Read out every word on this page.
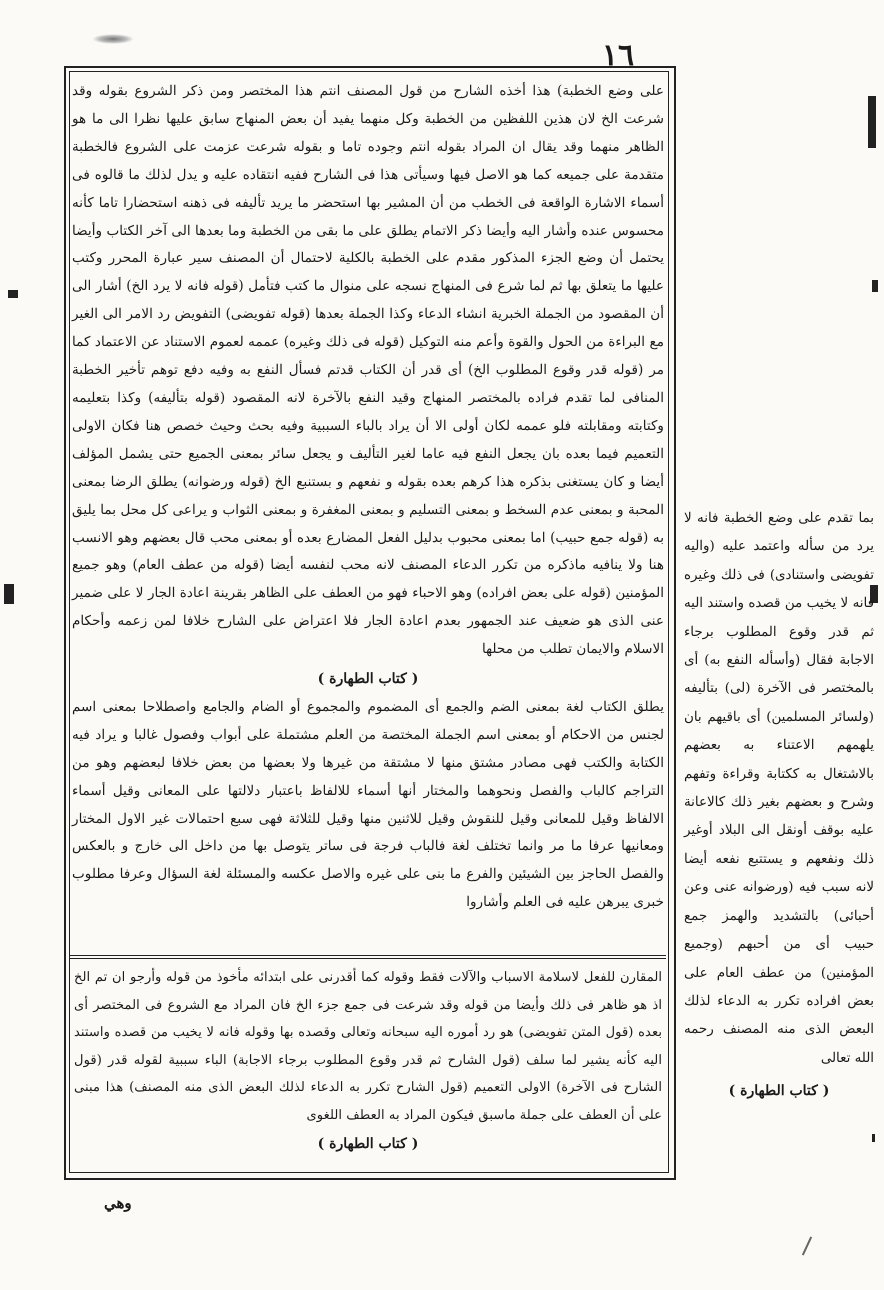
١٦

على وضع الخطبة) هذا أخذه الشارح من قول المصنف انتم هذا المختصر ومن ذكر الشروع بقوله وقد شرعت الخ لان هذين اللفظين من الخطبة وكل منهما يفيد أن بعض المنهاج سابق عليها نظرا الى ما هو الظاهر منهما وقد يقال ان المراد بقوله انتم وجوده تاما و بقوله شرعت عزمت على الشروع فالخطبة متقدمة على جميعه كما هو الاصل فيها وسيأتى هذا فى الشارح ففيه انتقاده عليه و يدل لذلك ما قالوه فى أسماء الاشارة الواقعة فى الخطب من أن المشير بها استحضر ما يريد تأليفه فى ذهنه استحضارا تاما كأنه محسوس عنده وأشار اليه وأيضا ذكر الاتمام يطلق على ما بقى من الخطبة وما بعدها الى آخر الكتاب وأيضا يحتمل أن وضع الجزء المذكور مقدم على الخطبة بالكلية لاحتمال أن المصنف سير عبارة المحرر وكتب عليها ما يتعلق بها ثم لما شرع فى المنهاج نسجه على منوال ما كتب فتأمل (قوله فانه لا يرد الخ) أشار الى أن المقصود من الجملة الخبرية انشاء الدعاء وكذا الجملة بعدها (قوله تفويضى) التفويض رد الامر الى الغير مع البراءة من الحول والقوة وأعم منه التوكيل (قوله فى ذلك وغيره) عممه لعموم الاستناد عن الاعتماد كما مر (قوله قدر وقوع المطلوب الخ) أى قدر أن الكتاب قدتم فسأل النفع به وفيه دفع توهم تأخير الخطبة المنافى لما تقدم فراده بالمختصر المنهاج وقيد النفع بالآخرة لانه المقصود (قوله بتأليفه) وكذا بتعليمه وكتابته ومقابلته فلو عممه لكان أولى الا أن يراد بالباء السببية وفيه بحث وحيث خصص هنا فكان الاولى التعميم فيما بعده بان يجعل النفع فيه عاما لغير التأليف و يجعل سائر بمعنى الجميع حتى يشمل المؤلف أيضا و كان يستغنى بذكره هذا كرهم بعده بقوله و نفعهم و بستنبع الخ (قوله ورضوانه) يطلق الرضا بمعنى المحبة و بمعنى عدم السخط و بمعنى التسليم و بمعنى المغفرة و بمعنى الثواب و يراعى كل محل بما يليق به (قوله جمع حبيب) اما بمعنى محبوب بدليل الفعل المضارع بعده أو بمعنى محب قال بعضهم وهو الانسب هنا ولا ينافيه ماذكره من تكرر الدعاء المصنف لانه محب لنفسه أيضا (قوله من عطف العام) وهو جميع المؤمنين (قوله على بعض افراده) وهو الاحباء فهو من العطف على الظاهر بقرينة اعادة الجار لا على ضمير عنى الذى هو ضعيف عند الجمهور بعدم اعادة الجار فلا اعتراض على الشارح خلافا لمن زعمه وأحكام الاسلام والايمان تطلب من محلها

( كتاب الطهارة )

يطلق الكتاب لغة بمعنى الضم والجمع أى المضموم والمجموع أو الضام والجامع واصطلاحا بمعنى اسم لجنس من الاحكام أو بمعنى اسم الجملة المختصة من العلم مشتملة على أبواب وفصول غالبا و يراد فيه الكتابة والكتب فهى مصادر مشتق منها لا مشتقة من غيرها ولا بعضها من بعض خلافا لبعضهم وهو من التراجم كالباب والفصل ونحوهما والمختار أنها أسماء للالفاظ باعتبار دلالتها على المعانى وقيل أسماء الالفاظ وقيل للمعانى وقيل للنقوش وقيل للاثنين منها وقيل للثلاثة فهى سبع احتمالات غير الاول المختار ومعانيها عرفا ما مر وانما تختلف لغة فالباب فرجة فى ساتر يتوصل بها من داخل الى خارج و بالعكس والفصل الحاجز بين الشيئين والفرع ما بنى على غيره والاصل عكسه والمسئلة لغة السؤال وعرفا مطلوب خبرى يبرهن عليه فى العلم وأشاروا

المقارن للفعل لاسلامة الاسباب والآلات فقط وقوله كما أقدرنى على ابتدائه مأخوذ من قوله وأرجو ان تم الخ اذ هو ظاهر فى ذلك وأيضا من قوله وقد شرعت فى جمع جزء الخ فان المراد مع الشروع فى المختصر أى بعده (قول المتن تفويضى) هو رد أموره اليه سبحانه وتعالى وقصده بها وقوله فانه لا يخيب من قصده واستند اليه كأنه يشير لما سلف (قول الشارح ثم قدر وقوع المطلوب برجاء الاجابة) الباء سببية لقوله قدر (قول الشارح فى الآخرة) الاولى التعميم (قول الشارح تكرر به الدعاء لذلك البعض الذى منه المصنف) هذا مبنى على أن العطف على جملة ماسبق فيكون المراد به العطف اللغوى

( كتاب الطهارة )

بما تقدم على وضع الخطبة فانه لا يرد من سأله واعتمد عليه (واليه تفويضى واستنادى) فى ذلك وغيره فانه لا يخيب من قصده واستند اليه ثم قدر وقوع المطلوب برجاء الاجابة فقال (وأسأله النفع به) أى بالمختصر فى الآخرة (لى) بتأليفه (ولسائر المسلمين) أى باقيهم بان يلهمهم الاعتناء به بعضهم بالاشتغال به ككتابة وقراءة وتفهم وشرح و بعضهم بغير ذلك كالاعانة عليه بوقف أونقل الى البلاد أوغير ذلك ونفعهم و يستتبع نفعه أيضا لانه سبب فيه (ورضوانه عنى وعن أحبائى) بالتشديد والهمز جمع حبيب أى من أحبهم (وجميع المؤمنين) من عطف العام على بعض افراده تكرر به الدعاء لذلك البعض الذى منه المصنف رحمه الله تعالى

( كتاب الطهارة )

وهي
